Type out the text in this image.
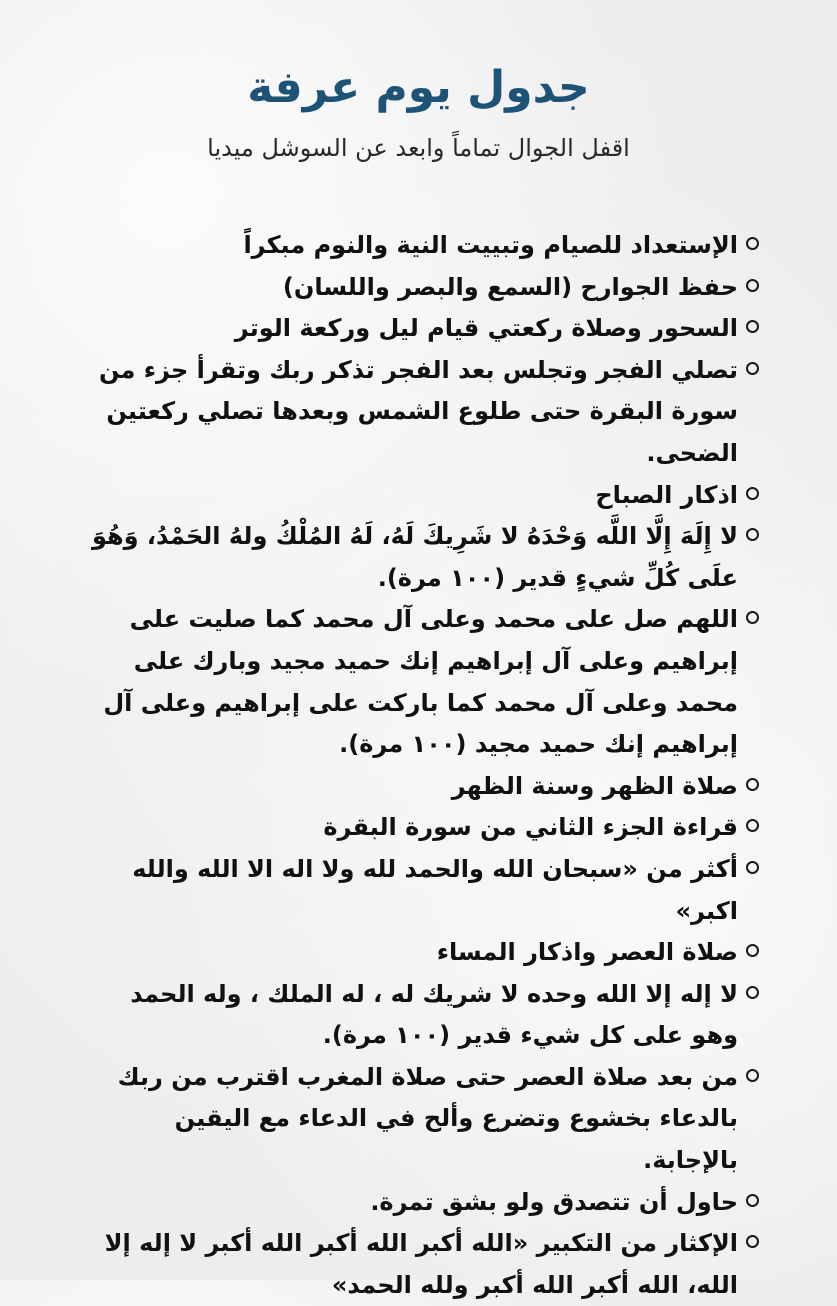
جدول يوم عرفة

اقفل الجوال تماماً وابعد عن السوشل ميديا

الإستعداد للصيام وتبييت النية والنوم مبكراً
حفظ الجوارح (السمع والبصر واللسان)
السحور وصلاة ركعتي قيام ليل وركعة الوتر
تصلي الفجر وتجلس بعد الفجر تذكر ربك وتقرأ جزء من سورة البقرة حتى طلوع الشمس وبعدها تصلي ركعتين الضحى.
اذكار الصباح
لا إِلَهَ إِلَّا اللَّه وَحْدَهُ لا شَرِيكَ لَهُ، لَهُ المُلْكُ ولهُ الحَمْدُ، وَهُوَ علَى كُلِّ شيءٍ قدير (١٠٠ مرة).
اللهم صل على محمد وعلى آل محمد كما صليت على إبراهيم وعلى آل إبراهيم إنك حميد مجيد وبارك على محمد وعلى آل محمد كما باركت على إبراهيم وعلى آل إبراهيم إنك حميد مجيد (١٠٠ مرة).
صلاة الظهر وسنة الظهر
قراءة الجزء الثاني من سورة البقرة
أكثر من «سبحان الله والحمد لله ولا اله الا الله والله اكبر»
صلاة العصر واذكار المساء
لا إله إلا الله وحده لا شريك له ، له الملك ، وله الحمد وهو على كل شيء قدير (١٠٠ مرة).
من بعد صلاة العصر حتى صلاة المغرب اقترب من ربك بالدعاء بخشوع وتضرع وألح في الدعاء مع اليقين بالإجابة.
حاول أن تتصدق ولو بشق تمرة.
الإكثار من التكبير «الله أكبر الله أكبر الله أكبر لا إله إلا الله، الله أكبر الله أكبر ولله الحمد»
